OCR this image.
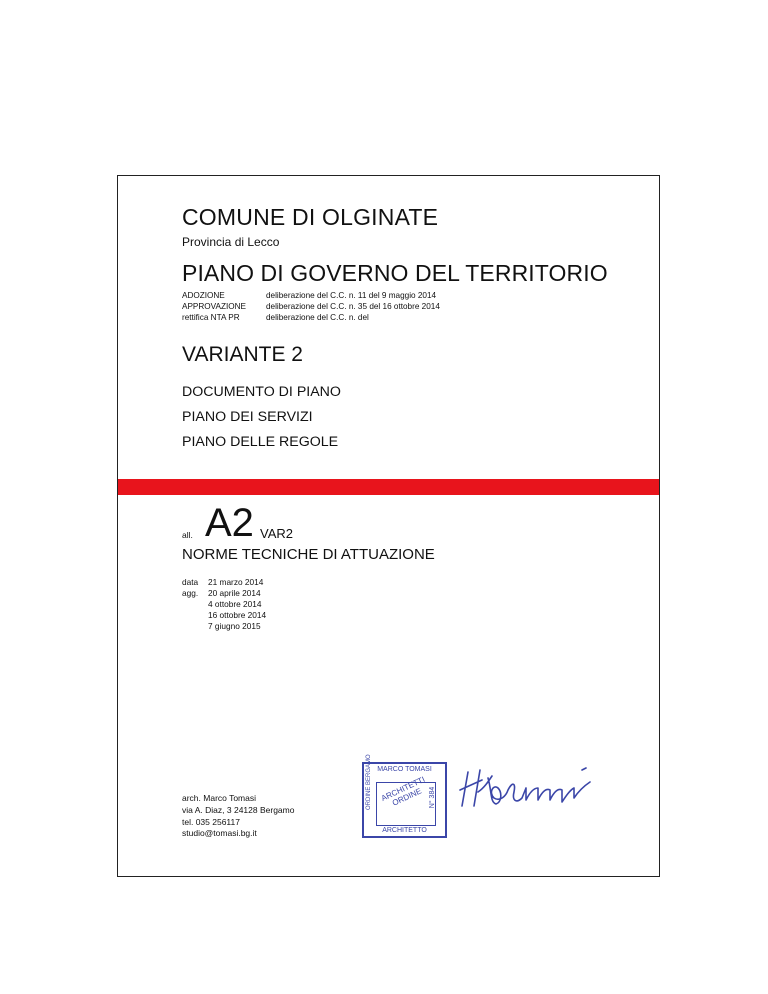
COMUNE DI OLGINATE
Provincia di Lecco
PIANO DI GOVERNO DEL TERRITORIO
ADOZIONE	deliberazione del C.C. n. 11 del 9 maggio 2014
APPROVAZIONE	deliberazione del C.C. n. 35 del 16 ottobre 2014
rettifica NTA PR	deliberazione del C.C. n. del
VARIANTE 2
DOCUMENTO DI PIANO
PIANO DEI SERVIZI
PIANO DELLE REGOLE
all. A2 VAR2
NORME TECNICHE DI ATTUAZIONE
data	21 marzo 2014
agg.	20 aprile 2014
4 ottobre 2014
16 ottobre 2014
7 giugno 2015
arch. Marco Tomasi
via A. Diaz, 3 24128 Bergamo
tel. 035 256117
studio@tomasi.bg.it
MARCO TOMASI
ORDINE BERGAMO ARCHITETTI ORDINE N° 384
ARCHITETTO
